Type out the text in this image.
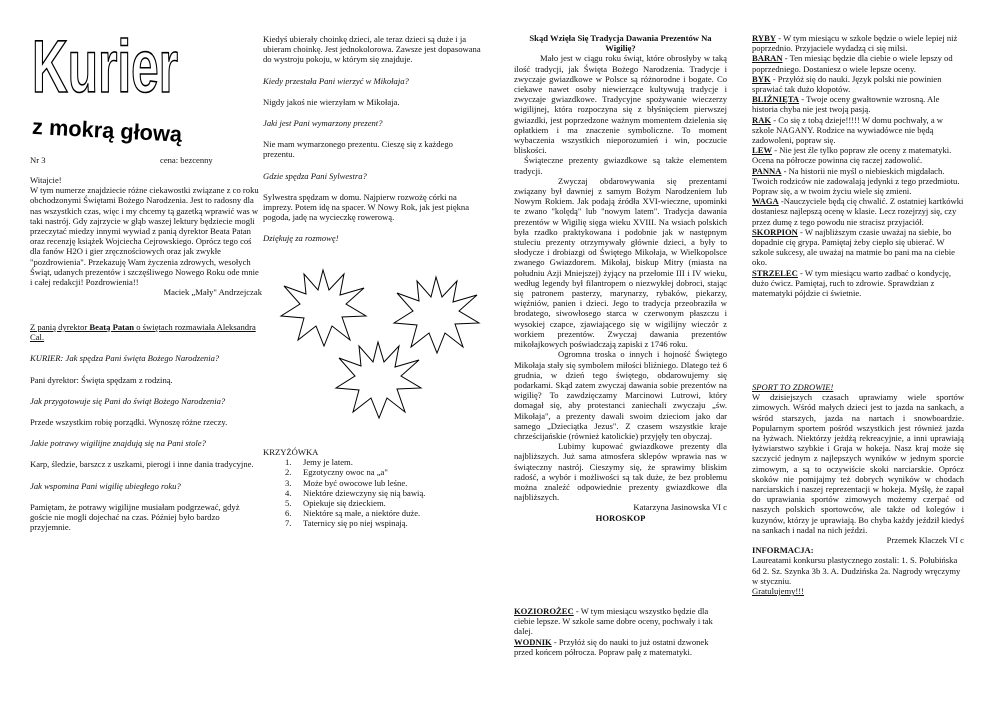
Kurier
z mokrą głową
Nr 3	cena: bezcenny

Witajcie!

W tym numerze znajdziecie różne ciekawostki związane z co roku obchodzonymi Świętami Bożego Narodzenia. Jest to radosny dla nas wszystkich czas, więc i my chcemy tą gazetką wprawić was w taki nastrój. Gdy zajrzycie w głąb waszej lektury będziecie mogli przeczytać miedzy innymi wywiad z panią dyrektor Beata Patan oraz recenzję książek Wojciecha Cejrowskiego. Oprócz tego coś dla fanów H2O i gier zręcznościowych oraz jak zwykłe "pozdrowienia". Przekazuję Wam życzenia zdrowych, wesołych Świąt, udanych prezentów i szczęśliwego Nowego Roku ode mnie i całej redakcji! Pozdrowienia!!

Maciek „Mały" Andrzejczak

Z panią dyrektor Beatą Patan o świętach rozmawiała Aleksandra Cal.

KURIER: Jak spędza Pani święta Bożego Narodzenia?

Pani dyrektor: Święta spędzam z rodziną.

Jak przygotowuje się Pani do świąt Bożego Narodzenia?

Przede wszystkim robię porządki. Wynoszę różne rzeczy.

Jakie potrawy wigilijne znajdują się na Pani stole?

Karp, śledzie, barszcz z uszkami, pierogi i inne dania tradycyjne.

Jak wspomina Pani wigilię ubiegłego roku?

Pamiętam, że potrawy wigilijne musiałam podgrzewać, gdyż goście nie mogli dojechać na czas. Później było bardzo przyjemnie.

Kiedyś ubierały choinkę dzieci, ale teraz dzieci są duże i ja ubieram choinkę. Jest jednokolorowa. Zawsze jest dopasowana do wystroju pokoju, w którym się znajduje.

Kiedy przestała Pani wierzyć w Mikołaja?

Nigdy jakoś nie wierzyłam w Mikołaja.

Jaki jest Pani wymarzony prezent?

Nie mam wymarzonego prezentu. Cieszę się z każdego prezentu.

Gdzie spędza Pani Sylwestra?

Sylwestra spędzam w domu. Najpierw rozwożę córki na imprezy. Potem idę na spacer. W Nowy Rok, jak jest piękna pogoda, jadę na wycieczkę rowerową.

Dziękuję za rozmowę!

KRZYŻÓWKA

1. Jemy je latem.
2. Egzotyczny owoc na „a"
3. Może być owocowe lub leśne.
4. Niektóre dziewczyny się nią bawią.
5. Opiekuje się dzieckiem.
6. Niektóre są małe, a niektóre duże.
7. Taternicy się po niej wspinają.

Skąd Wzięła Się Tradycja Dawania Prezentów Na Wigilię?

Mało jest w ciągu roku świąt, które obrosłyby w taką ilość tradycji, jak Święta Bożego Narodzenia. Tradycje i zwyczaje gwiazdkowe w Polsce są różnorodne i bogate. Co ciekawe nawet osoby niewierzące kultywują tradycje i zwyczaje gwiazdkowe. Tradycyjne spożywanie wieczerzy wigilijnej, która rozpoczyna się z błyśnięciem pierwszej gwiazdki, jest poprzedzone ważnym momentem dzielenia się opłatkiem i ma znaczenie symboliczne. To moment wybaczenia wszystkich nieporozumień i win, poczucie bliskości.

Świąteczne prezenty gwiazdkowe są także elementem tradycji.

Zwyczaj obdarowywania się prezentami związany był dawniej z samym Bożym Narodzeniem lub Nowym Rokiem. Jak podają źródła XVI-wieczne, upominki te zwano "kolędą" lub "nowym latem". Tradycja dawania prezentów w Wigilię sięga wieku XVIII. Na wsiach polskich była rzadko praktykowana i podobnie jak w następnym stuleciu prezenty otrzymywały głównie dzieci, a były to słodycze i drobiazgi od Świętego Mikołaja, w Wielkopolsce zwanego Gwiazdorem. Mikołaj, biskup Mitry (miasta na południu Azji Mniejszej) żyjący na przełomie III i IV wieku, według legendy był filantropem o niezwykłej dobroci, stając się patronem pasterzy, marynarzy, rybaków, piekarzy, więźniów, panien i dzieci. Jego to tradycja przeobraziła w brodatego, siwowłosego starca w czerwonym płaszczu i wysokiej czapce, zjawiającego się w wigilijny wieczór z workiem prezentów. Zwyczaj dawania prezentów mikołajkowych poświadczają zapiski z 1746 roku.

Ogromna troska o innych i hojność Świętego Mikołaja stały się symbolem miłości bliźniego. Dlatego też 6 grudnia, w dzień tego świętego, obdarowujemy się podarkami. Skąd zatem zwyczaj dawania sobie prezentów na wigilię? To zawdzięczamy Marcinowi Lutrowi, który domagał się, aby protestanci zaniechali zwyczaju „św. Mikołaja", a prezenty dawali swoim dzieciom jako dar samego „Dzieciątka Jezus". Z czasem wszystkie kraje chrześcijańskie (również katolickie) przyjęły ten obyczaj.

Lubimy kupować gwiazdkowe prezenty dla najbliższych. Już sama atmosfera sklepów wprawia nas w świąteczny nastrój. Cieszymy się, że sprawimy bliskim radość, a wybór i możliwości są tak duże, że bez problemu można znaleźć odpowiednie prezenty gwiazdkowe dla najbliższych.

Katarzyna Jasinowska VI c

HOROSKOP

KOZIOROŻEC - W tym miesiącu wszystko będzie dla ciebie lepsze. W szkole same dobre oceny, pochwały i tak dalej.

WODNIK - Przyłóż się do nauki to już ostatni dzwonek przed końcem półrocza. Popraw pałę z matematyki.

RYBY - W tym miesiącu w szkole będzie o wiele lepiej niż poprzednio. Przyjaciele wydadzą ci się milsi.

BARAN - Ten miesiąc będzie dla ciebie o wiele lepszy od poprzedniego. Dostaniesz o wiele lepsze oceny.

BYK - Przyłóż się do nauki. Język polski nie powinien sprawiać tak dużo kłopotów.

BLIŹNIĘTA - Twoje oceny gwałtownie wzrosną. Ale historia chyba nie jest twoją pasją.

RAK - Co się z tobą dzieje!!!!! W domu pochwały, a w szkole NAGANY. Rodzice na wywiadówce nie będą zadowoleni, popraw się.

LEW - Nie jest źle tylko popraw złe oceny z matematyki. Ocena na półrocze powinna cię raczej zadowolić.

PANNA - Na historii nie myśl o niebieskich migdałach. Twoich rodziców nie zadowalają jedynki z tego przedmiotu. Popraw się, a w twoim życiu wiele się zmieni.

WAGA -Nauczyciele będą cię chwalić. Z ostatniej kartkówki dostaniesz najlepszą ocenę w klasie. Lecz rozejrzyj się, czy przez dumę z tego powodu nie stracisz przyjaciół.

SKORPION - W najbliższym czasie uważaj na siebie, bo dopadnie cię grypa. Pamiętaj żeby ciepło się ubierać. W szkole sukcesy, ale uważaj na matmie bo pani ma na ciebie oko.

STRZELEC - W tym miesiącu warto zadbać o kondycję, dużo ćwicz. Pamiętaj, ruch to zdrowie. Sprawdzian z matematyki pójdzie ci świetnie.

SPORT TO ZDROWIE!

W dzisiejszych czasach uprawiamy wiele sportów zimowych. Wśród małych dzieci jest to jazda na sankach, a wśród starszych, jazda na nartach i snowboardzie. Popularnym sportem pośród wszystkich jest również jazda na łyżwach. Niektórzy jeżdżą rekreacyjnie, a inni uprawiają łyżwiarstwo szybkie i Graja w hokeja. Nasz kraj może się szczycić jednym z najlepszych wyników w jednym sporcie zimowym, a są to oczywiście skoki narciarskie. Oprócz skoków nie pomijajmy też dobrych wyników w chodach narciarskich i naszej reprezentacji w hokeja. Myślę, że zapał do uprawiania sportów zimowych możemy czerpać od naszych polskich sportowców, ale także od kolegów i kuzynów, którzy je uprawiają. Bo chyba każdy jeździł kiedyś na sankach i nadal na nich jeździ.

Przemek Klaczek VI c

INFORMACJA:

Laureatami konkursu plastycznego zostali: 1. S. Połubińska 6d 2. Sz. Szynka 3b 3. A. Dudzińska 2a. Nagrody wręczymy w styczniu.

Gratulujemy!!!
